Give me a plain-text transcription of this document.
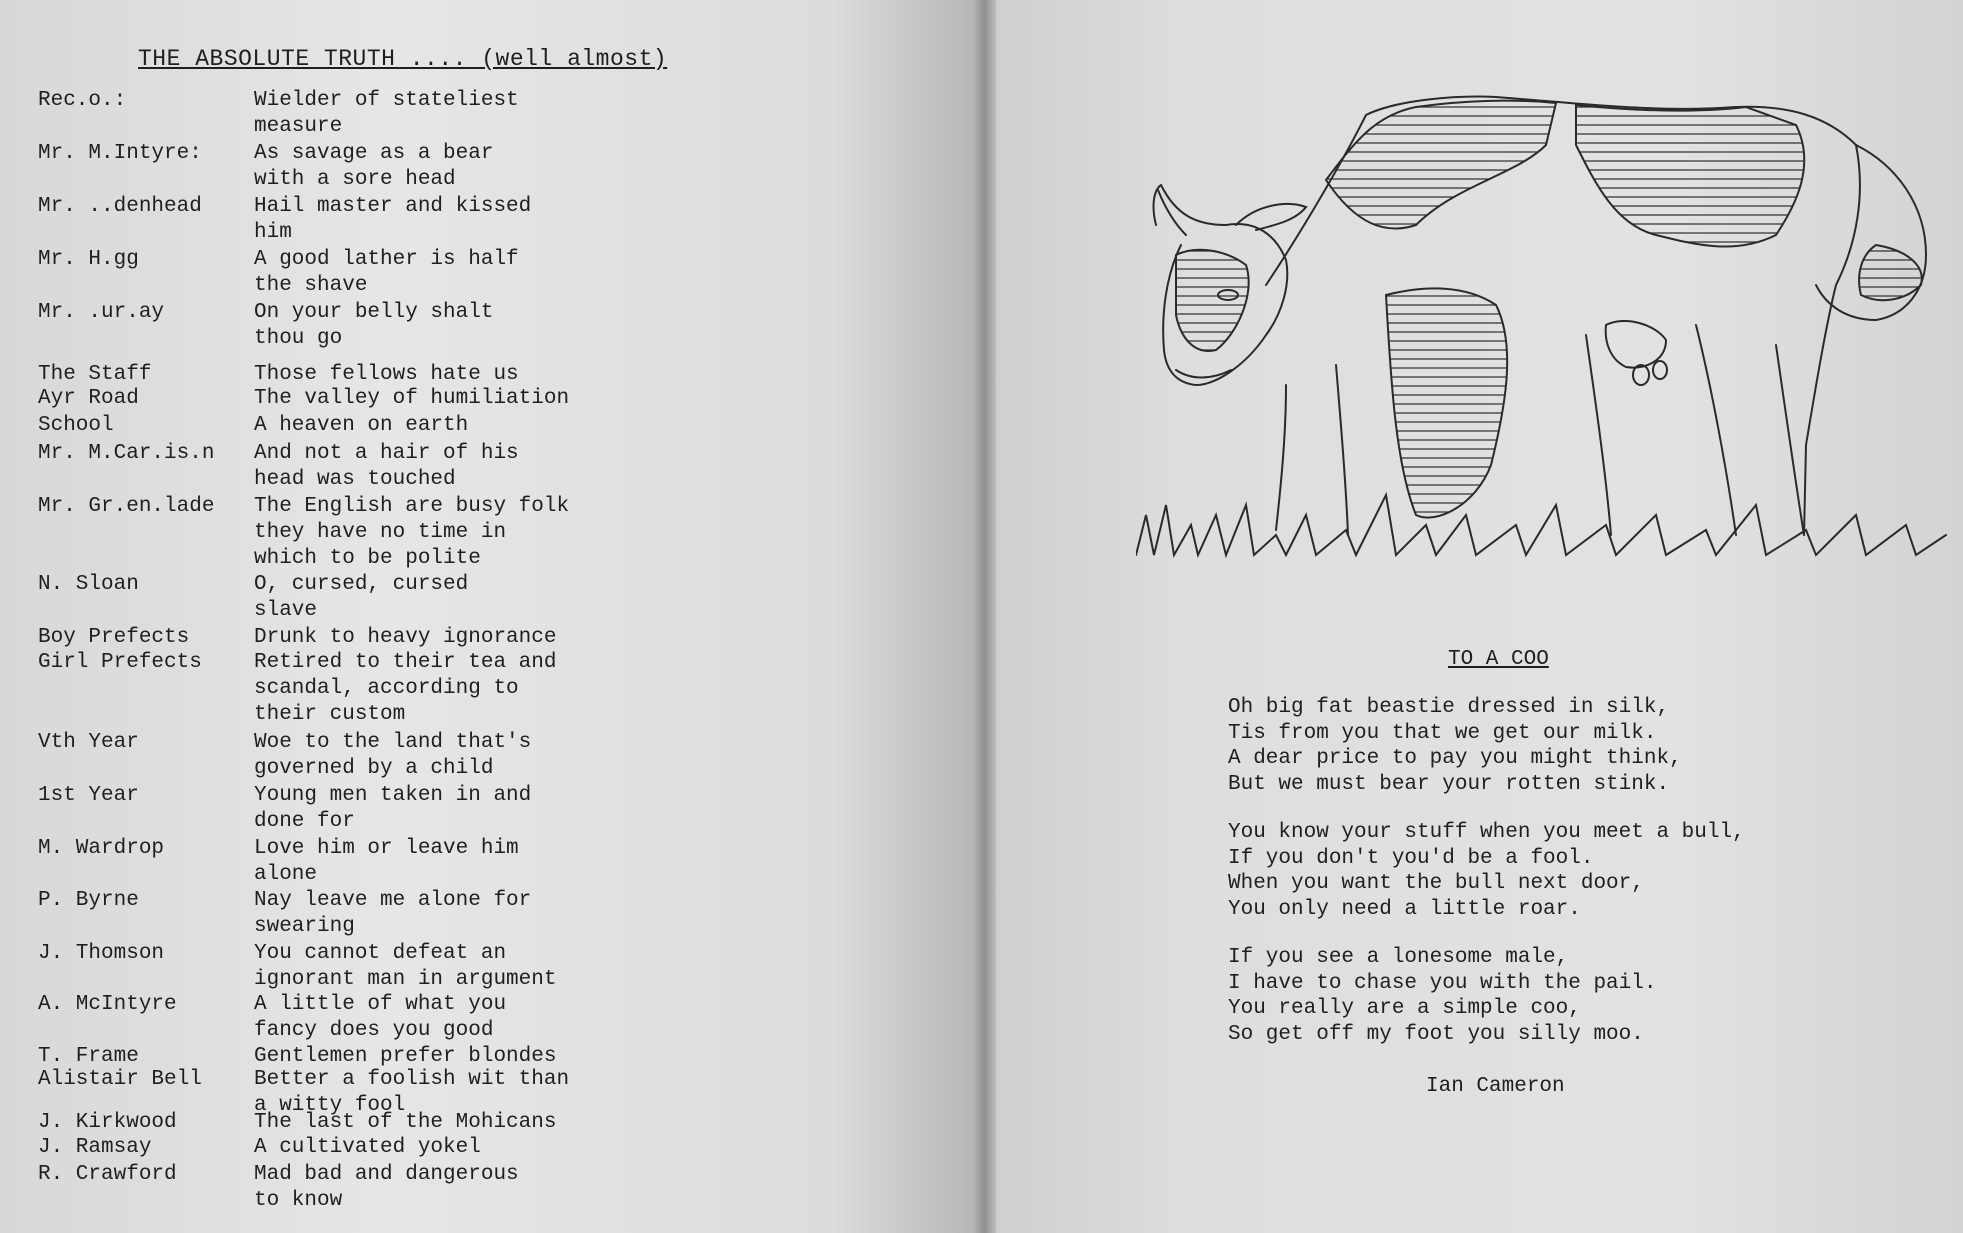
THE ABSOLUTE TRUTH .... (well almost)
Rec.o.:	Wielder of stateliest
measure
Mr. M.Intyre:	As savage as a bear
with a sore head
Mr. ..denhead	Hail master and kissed
him
Mr. H.gg	A good lather is half
the shave
Mr. .ur.ay	On your belly shalt
thou go
The Staff	Those fellows hate us
Ayr Road	The valley of humiliation
School	A heaven on earth
Mr. M.Car.is.n	And not a hair of his
head was touched
Mr. Gr.en.lade	The English are busy folk
they have no time in
which to be polite
N. Sloan	O, cursed, cursed
slave
Boy Prefects	Drunk to heavy ignorance
Girl Prefects	Retired to their tea and
scandal, according to
their custom
Vth Year	Woe to the land that's
governed by a child
1st Year	Young men taken in and
done for
M. Wardrop	Love him or leave him
alone
P. Byrne	Nay leave me alone for
swearing
J. Thomson	You cannot defeat an
ignorant man in argument
A. McIntyre	A little of what you
fancy does you good
T. Frame	Gentlemen prefer blondes
Alistair Bell	Better a foolish wit than
a witty fool
J. Kirkwood	The last of the Mohicans
J. Ramsay	A cultivated yokel
R. Crawford	Mad bad and dangerous
to know
TO A COO
Oh big fat beastie dressed in silk,
Tis from you that we get our milk.
A dear price to pay you might think,
But we must bear your rotten stink.
You know your stuff when you meet a bull,
If you don't you'd be a fool.
When you want the bull next door,
You only need a little roar.
If you see a lonesome male,
I have to chase you with the pail.
You really are a simple coo,
So get off my foot you silly moo.
Ian Cameron
